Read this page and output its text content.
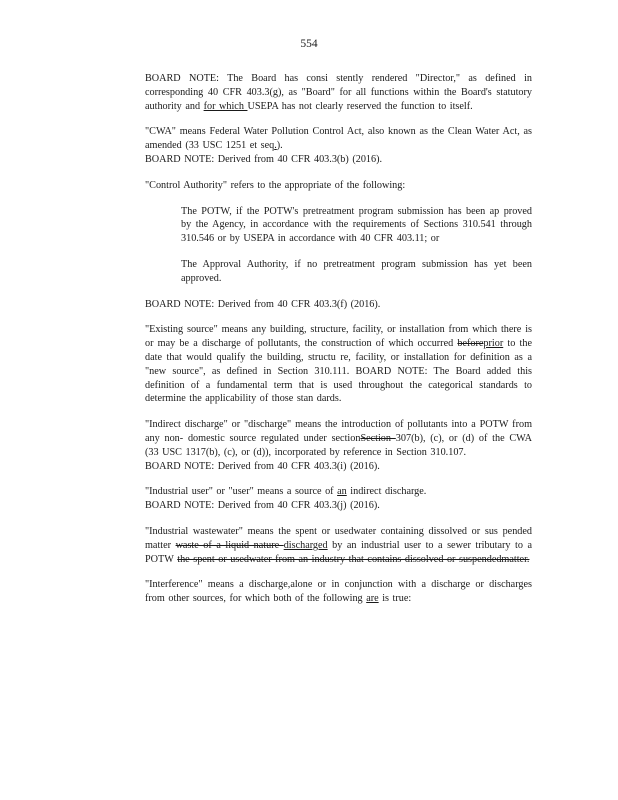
554

BOARD NOTE: The Board has consi stently rendered "Director," as defined in corresponding 40 CFR 403.3(g), as "Board" for all functions within the Board's statutory authority and for which USEPA has not clearly reserved the function to itself.

"CWA" means Federal Water Pollution Control Act, also known as the Clean Water Act, as amended (33 USC 1251 et seq.).

BOARD NOTE: Derived from 40 CFR 403.3(b) (2016).

"Control Authority" refers to the appropriate of the following:

The POTW, if the POTW's pretreatment program submission has been ap proved by the Agency, in accordance with the requirements of Sections 310.541 through 310.546 or by USEPA in accordance with 40 CFR 403.11; or

The Approval Authority, if no pretreatment program submission has yet been approved.

BOARD NOTE: Derived from 40 CFR 403.3(f) (2016).

"Existing source" means any building, structure, facility, or installation from which there is or may be a discharge of pollutants, the construction of which occurred beforeprior to the date that would qualify the building, structu re, facility, or installation for definition as a "new source", as defined in Section 310.111. BOARD NOTE: The Board added this definition of a fundamental term that is used throughout the categorical standards to determine the applicability of those stan dards.

"Indirect discharge" or "discharge" means the introduction of pollutants into a POTW from any non- domestic source regulated under sectionSection 307(b), (c), or (d) of the CWA (33 USC 1317(b), (c), or (d)), incorporated by reference in Section 310.107.

BOARD NOTE: Derived from 40 CFR 403.3(i) (2016).

"Industrial user" or "user" means a source of an indirect discharge.

BOARD NOTE: Derived from 40 CFR 403.3(j) (2016).

"Industrial wastewater" means the spent or usedwater containing dissolved or sus pended matter waste of a liquid nature discharged by an industrial user to a sewer tributary to a POTW the spent or usedwater from an industry that contains dissolved or suspendedmatter.

"Interference" means a discharge,alone or in conjunction with a discharge or discharges from other sources, for which both of the following are is true:
